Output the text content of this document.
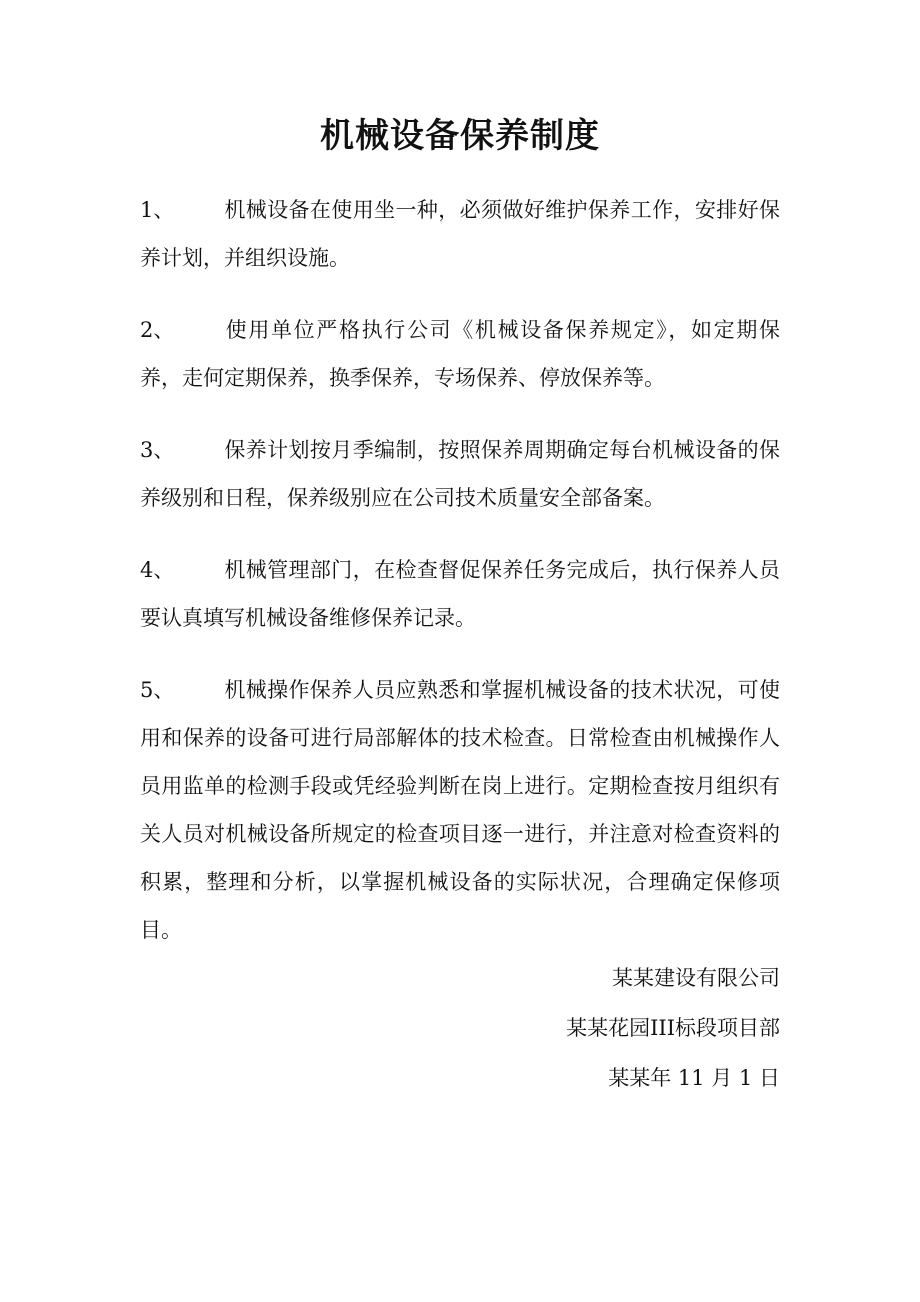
机械设备保养制度

1、 机械设备在使用坐一种，必须做好维护保养工作，安排好保养计划，并组织设施。

2、 使用单位严格执行公司《机械设备保养规定》，如定期保养，走何定期保养，换季保养，专场保养、停放保养等。

3、 保养计划按月季编制，按照保养周期确定每台机械设备的保养级别和日程，保养级别应在公司技术质量安全部备案。

4、 机械管理部门，在检查督促保养任务完成后，执行保养人员要认真填写机械设备维修保养记录。

5、 机械操作保养人员应熟悉和掌握机械设备的技术状况，可使用和保养的设备可进行局部解体的技术检查。日常检查由机械操作人员用监单的检测手段或凭经验判断在岗上进行。定期检查按月组织有关人员对机械设备所规定的检查项目逐一进行，并注意对检查资料的积累，整理和分析，以掌握机械设备的实际状况，合理确定保修项目。

某某建设有限公司
某某花园III标段项目部
某某年 11 月 1 日
